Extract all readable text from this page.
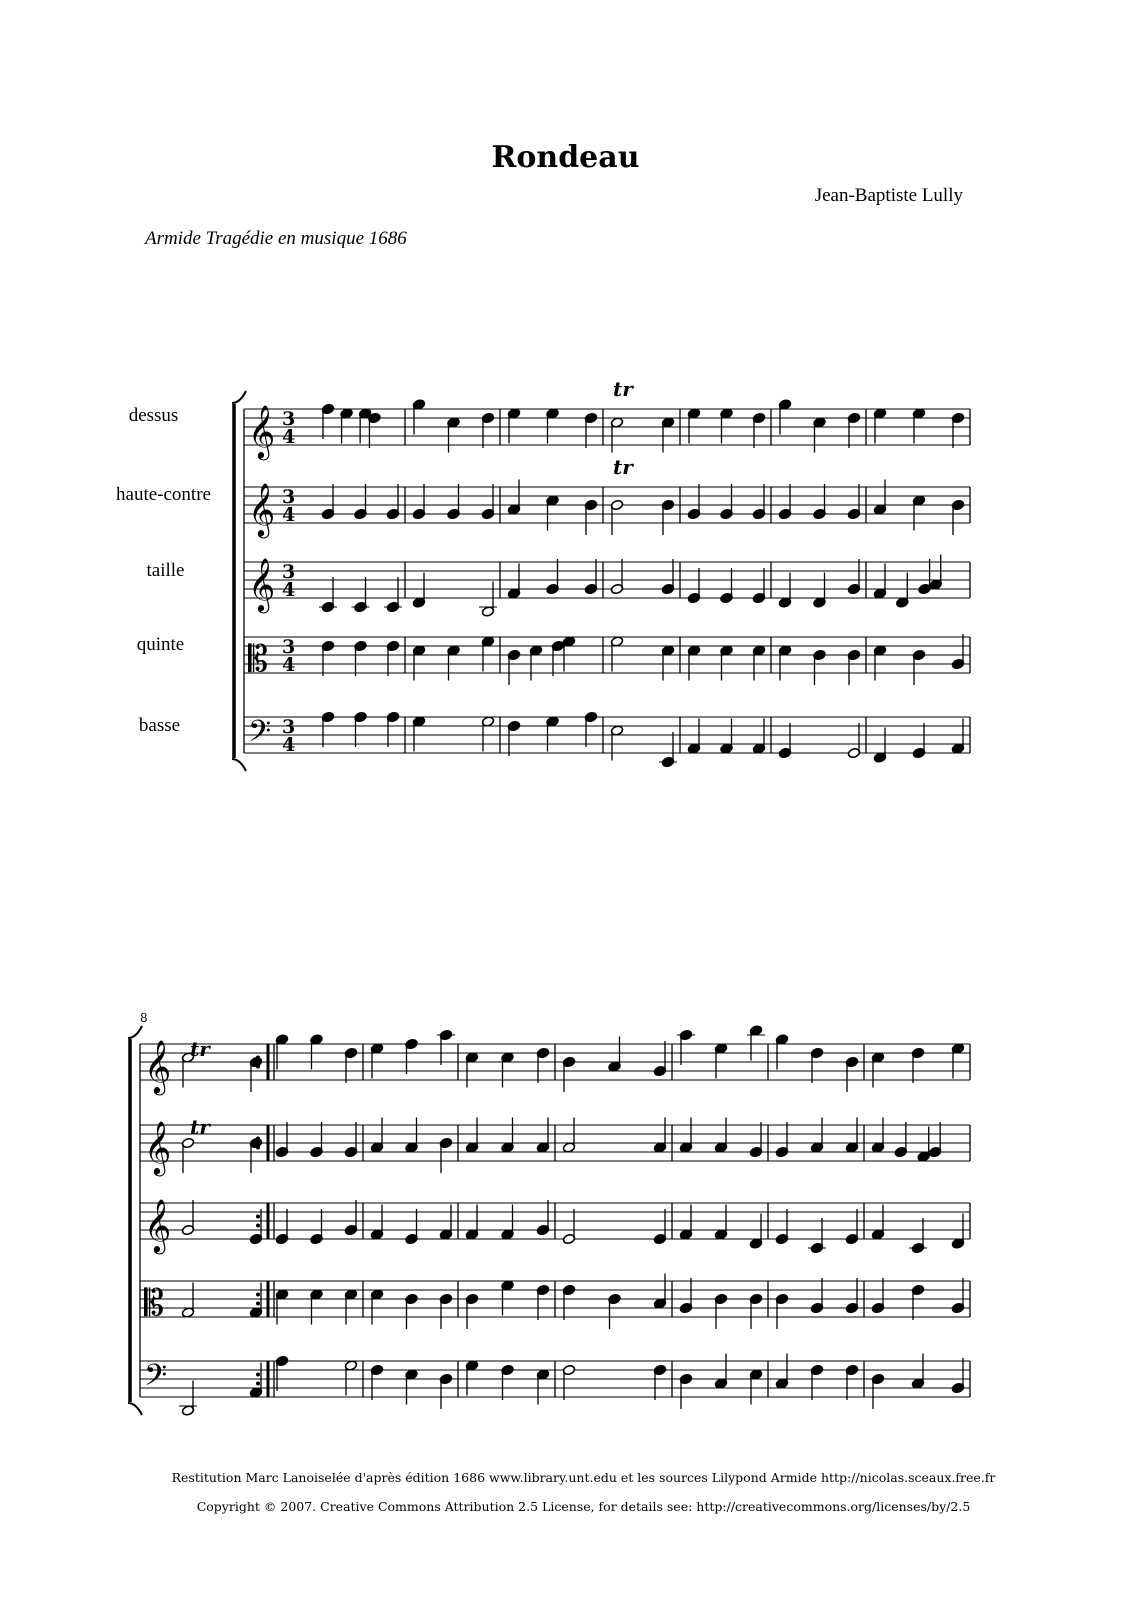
Rondeau
Jean-Baptiste Lully
Armide Tragédie en musique 1686
dessus
haute-contre
taille
quinte
basse
𝄞 3
4
𝄞 3
4
𝄞 3
4
𝄡 3
4
𝄢 3
4
tr
tr
𝄞
𝄞
𝄞
𝄡
𝄢
tr
tr
8
Restitution Marc Lanoiselée d'après édition 1686 www.library.unt.edu et les sources Lilypond Armide http://nicolas.sceaux.free.fr
Copyright © 2007. Creative Commons Attribution 2.5 License, for details see: http://creativecommons.org/licenses/by/2.5
